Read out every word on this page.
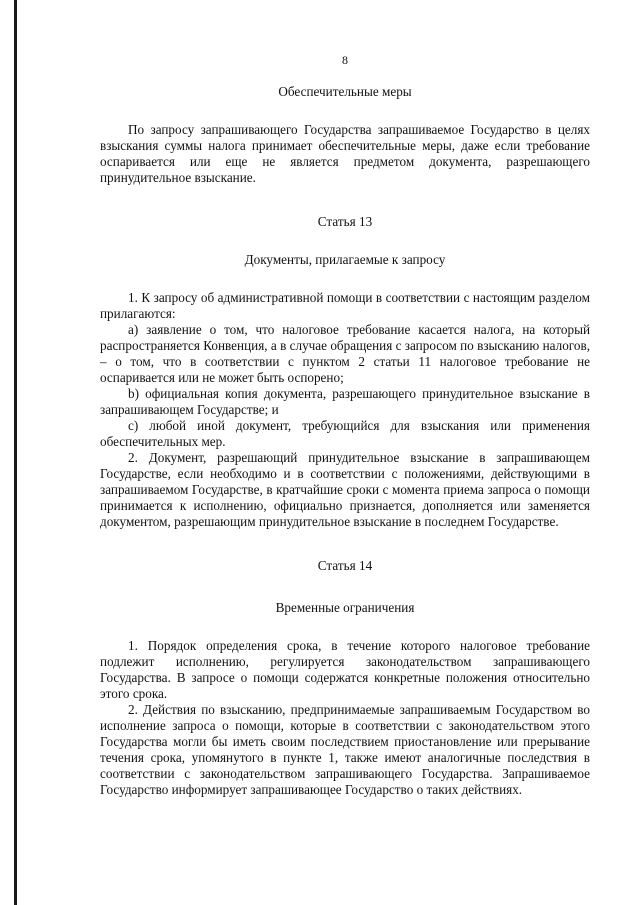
8
Обеспечительные меры

По запросу запрашивающего Государства запрашиваемое Государство в целях взыскания суммы налога принимает обеспечительные меры, даже если требование оспаривается или еще не является предметом документа, разрешающего принудительное взыскание.

Статья 13
Документы, прилагаемые к запросу

1. К запросу об административной помощи в соответствии с настоящим разделом прилагаются:

а) заявление о том, что налоговое требование касается налога, на который распространяется Конвенция, а в случае обращения с запросом по взысканию налогов, – о том, что в соответствии с пунктом 2 статьи 11 налоговое требование не оспаривается или не может быть оспорено;

b) официальная копия документа, разрешающего принудительное взыскание в запрашивающем Государстве; и

c) любой иной документ, требующийся для взыскания или применения обеспечительных мер.

2. Документ, разрешающий принудительное взыскание в запрашивающем Государстве, если необходимо и в соответствии с положениями, действующими в запрашиваемом Государстве, в кратчайшие сроки с момента приема запроса о помощи принимается к исполнению, официально признается, дополняется или заменяется документом, разрешающим принудительное взыскание в последнем Государстве.

Статья 14
Временные ограничения

1. Порядок определения срока, в течение которого налоговое требование подлежит исполнению, регулируется законодательством запрашивающего Государства. В запросе о помощи содержатся конкретные положения относительно этого срока.

2. Действия по взысканию, предпринимаемые запрашиваемым Государством во исполнение запроса о помощи, которые в соответствии с законодательством этого Государства могли бы иметь своим последствием приостановление или прерывание течения срока, упомянутого в пункте 1, также имеют аналогичные последствия в соответствии с законодательством запрашивающего Государства. Запрашиваемое Государство информирует запрашивающее Государство о таких действиях.
